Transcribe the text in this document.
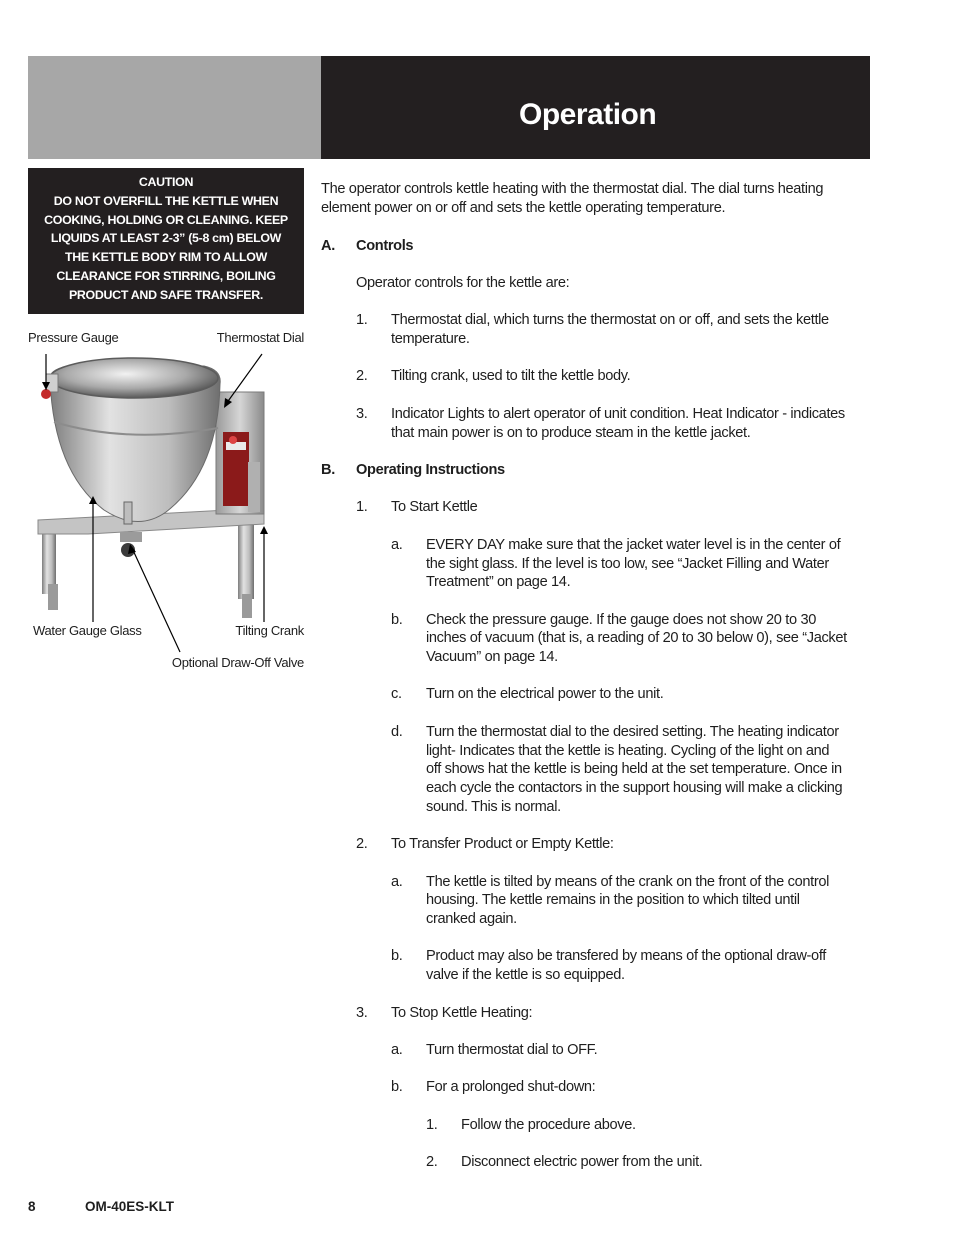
Operation
CAUTION
DO NOT OVERFILL THE KETTLE WHEN
COOKING, HOLDING OR CLEANING. KEEP
LIQUIDS AT LEAST 2-3” (5-8 cm) BELOW
THE KETTLE BODY RIM TO ALLOW
CLEARANCE FOR STIRRING, BOILING
PRODUCT AND SAFE TRANSFER.
Pressure Gauge	Thermostat Dial
Water Gauge Glass	Tilting Crank
Optional Draw-Off Valve
The operator controls kettle heating with the thermostat dial. The dial turns heating
element power on or off and sets the kettle operating temperature.
A. Controls
Operator controls for the kettle are:
1. Thermostat dial, which turns the thermostat on or off, and sets the kettle
temperature.
2. Tilting crank, used to tilt the kettle body.
3. Indicator Lights to alert operator of unit condition. Heat Indicator - indicates
that main power is on to produce steam in the kettle jacket.
B. Operating Instructions
1. To Start Kettle
a. EVERY DAY make sure that the jacket water level is in the center of
the sight glass. If the level is too low, see “Jacket Filling and Water
Treatment” on page 14.
b. Check the pressure gauge. If the gauge does not show 20 to 30
inches of vacuum (that is, a reading of 20 to 30 below 0), see “Jacket
Vacuum” on page 14.
c. Turn on the electrical power to the unit.
d. Turn the thermostat dial to the desired setting. The heating indicator
light- Indicates that the kettle is heating. Cycling of the light on and
off shows hat the kettle is being held at the set temperature. Once in
each cycle the contactors in the support housing will make a clicking
sound. This is normal.
2. To Transfer Product or Empty Kettle:
a. The kettle is tilted by means of the crank on the front of the control
housing. The kettle remains in the position to which tilted until
cranked again.
b. Product may also be transfered by means of the optional draw-off
valve if the kettle is so equipped.
3. To Stop Kettle Heating:
a. Turn thermostat dial to OFF.
b. For a prolonged shut-down:
1. Follow the procedure above.
2. Disconnect electric power from the unit.
8	OM-40ES-KLT
